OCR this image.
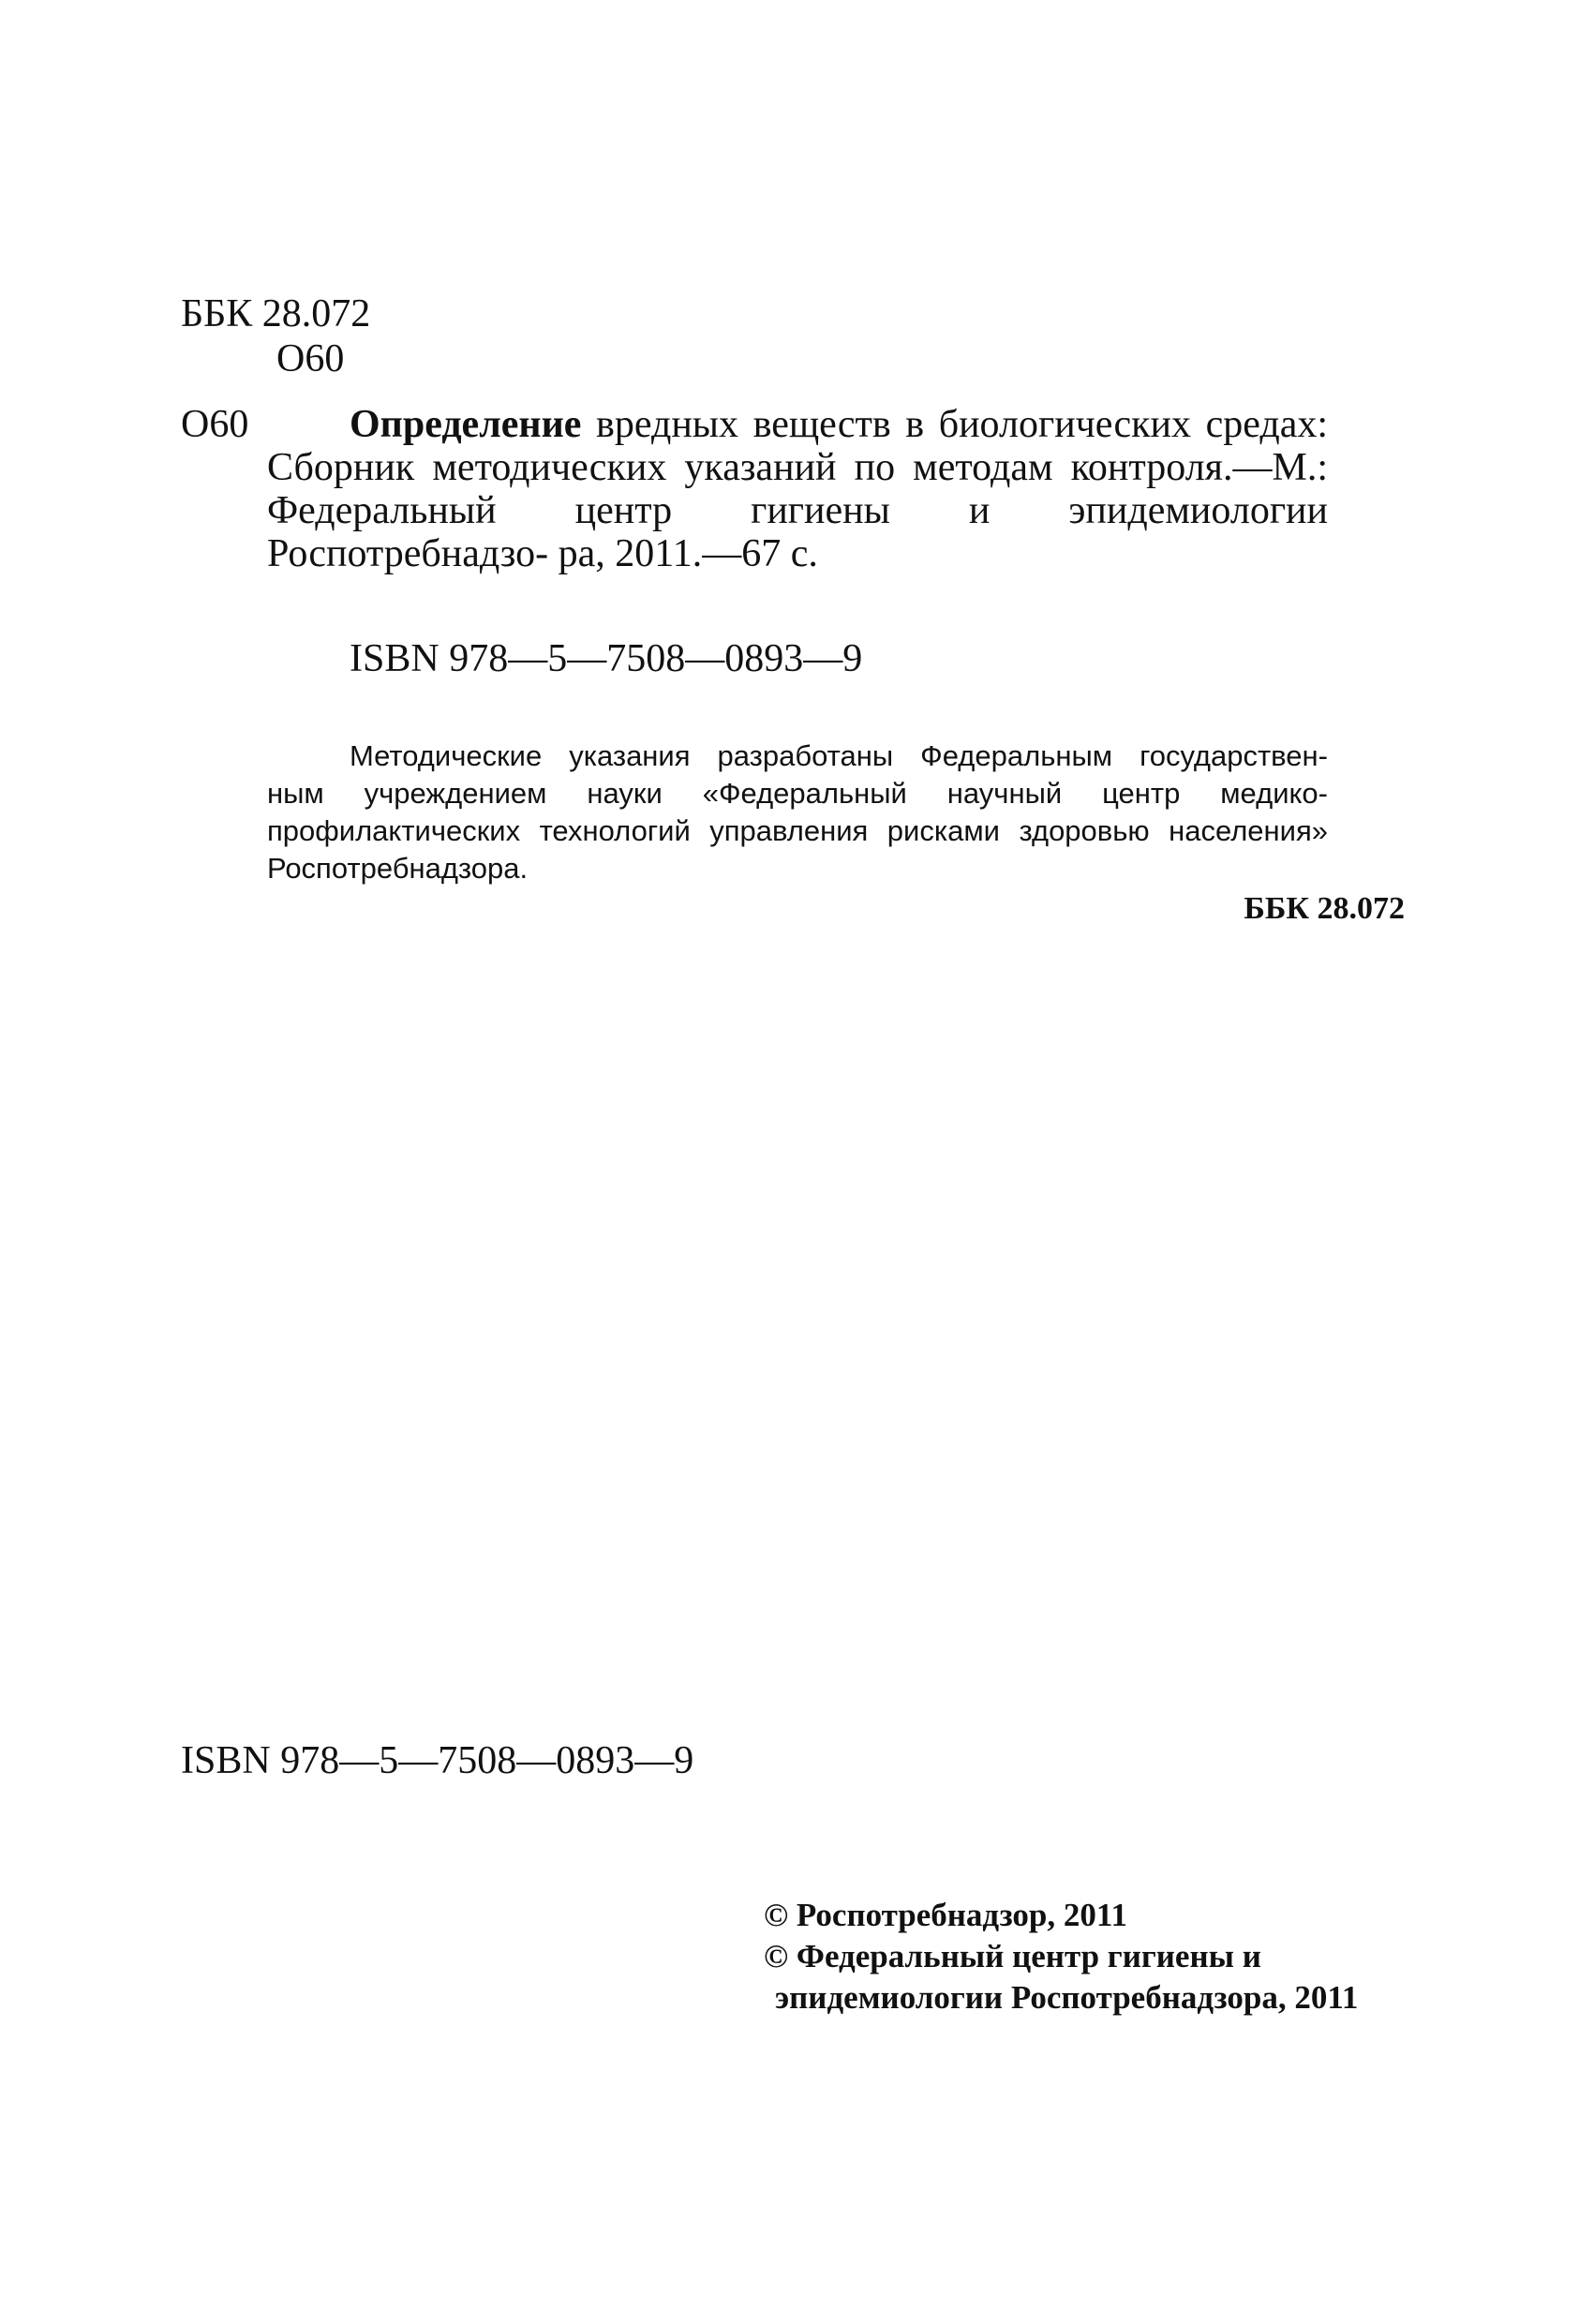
ББК 28.072
О60
О60	Определение вредных веществ в биологических средах: Сборник методических указаний по методам контроля.—М.: Федеральный центр гигиены и эпидемиологии Роспотребнадзо- ра, 2011.—67 с.
ISBN 978—5—7508—0893—9
Методические указания разработаны Федеральным государствен-
ным учреждением науки «Федеральный научный центр медико-
профилактических технологий управления рисками здоровью населения»
Роспотребнадзора.
ББК 28.072
ISBN 978—5—7508—0893—9
© Роспотребнадзор, 2011
© Федеральный центр гигиены и
эпидемиологии Роспотребнадзора, 2011
